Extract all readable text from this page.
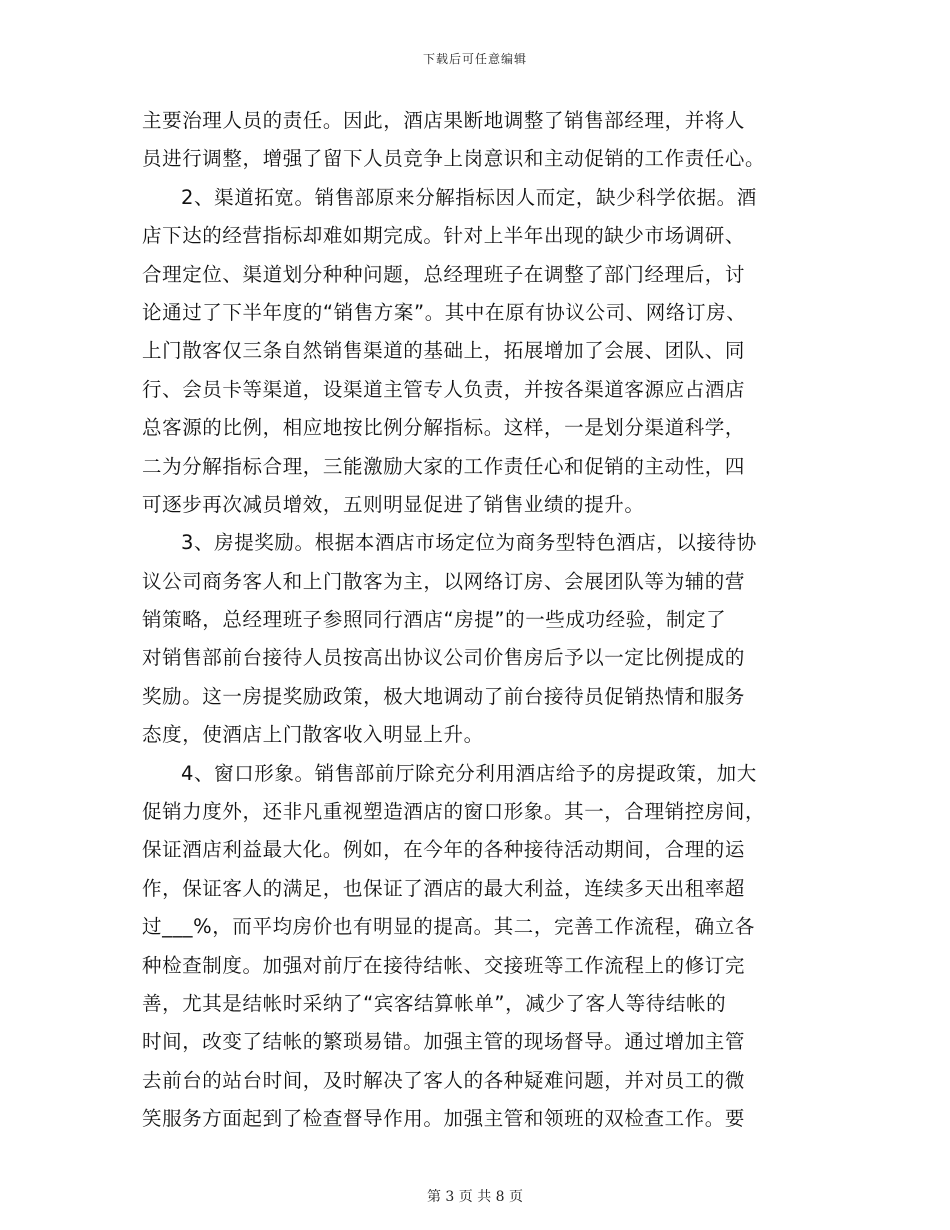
下载后可任意编辑
主要治理人员的责任。因此，酒店果断地调整了销售部经理，并将人
员进行调整，增强了留下人员竞争上岗意识和主动促销的工作责任心。
2、渠道拓宽。销售部原来分解指标因人而定，缺少科学依据。酒
店下达的经营指标却难如期完成。针对上半年出现的缺少市场调研、
合理定位、渠道划分种种问题，总经理班子在调整了部门经理后，讨
论通过了下半年度的“销售方案”。其中在原有协议公司、网络订房、
上门散客仅三条自然销售渠道的基础上，拓展增加了会展、团队、同
行、会员卡等渠道，设渠道主管专人负责，并按各渠道客源应占酒店
总客源的比例，相应地按比例分解指标。这样，一是划分渠道科学，
二为分解指标合理，三能激励大家的工作责任心和促销的主动性，四
可逐步再次减员增效，五则明显促进了销售业绩的提升。
3、房提奖励。根据本酒店市场定位为商务型特色酒店，以接待协
议公司商务客人和上门散客为主，以网络订房、会展团队等为辅的营
销策略，总经理班子参照同行酒店“房提”的一些成功经验，制定了
对销售部前台接待人员按高出协议公司价售房后予以一定比例提成的
奖励。这一房提奖励政策，极大地调动了前台接待员促销热情和服务
态度，使酒店上门散客收入明显上升。
4、窗口形象。销售部前厅除充分利用酒店给予的房提政策，加大
促销力度外，还非凡重视塑造酒店的窗口形象。其一，合理销控房间，
保证酒店利益最大化。例如，在今年的各种接待活动期间，合理的运
作，保证客人的满足，也保证了酒店的最大利益，连续多天出租率超
过___%，而平均房价也有明显的提高。其二，完善工作流程，确立各
种检查制度。加强对前厅在接待结帐、交接班等工作流程上的修订完
善，尤其是结帐时采纳了“宾客结算帐单”，减少了客人等待结帐的
时间，改变了结帐的繁琐易错。加强主管的现场督导。通过增加主管
去前台的站台时间，及时解决了客人的各种疑难问题，并对员工的微
笑服务方面起到了检查督导作用。加强主管和领班的双检查工作。要
第 3 页 共 8 页
